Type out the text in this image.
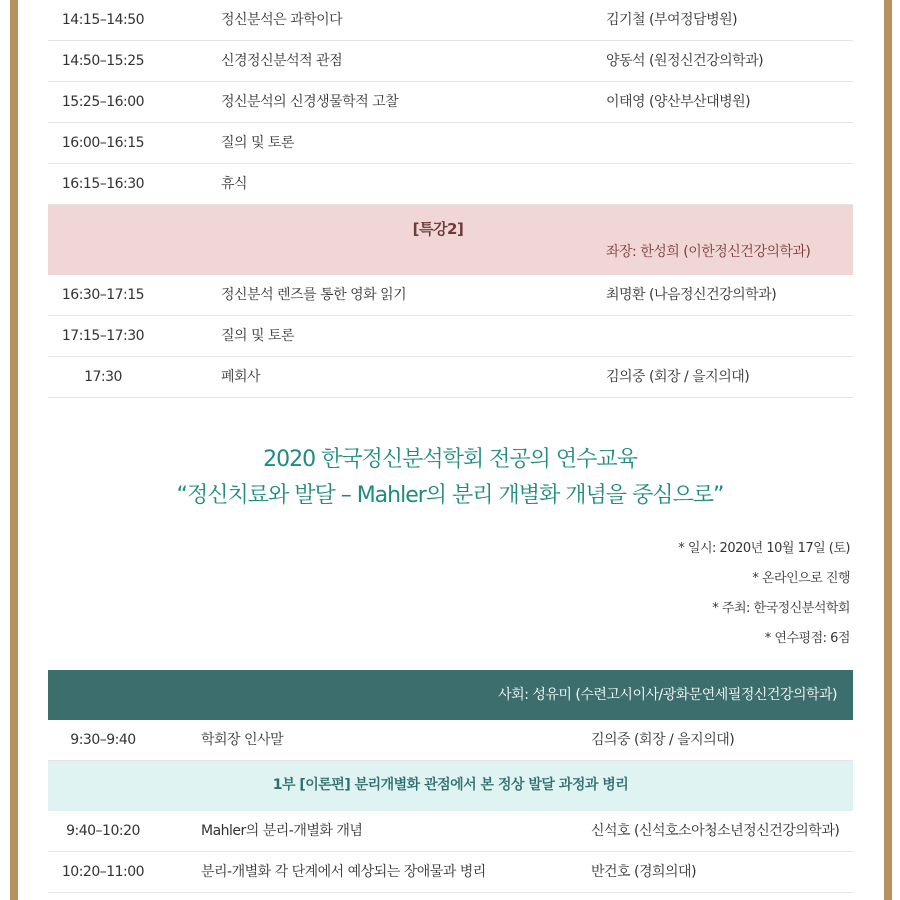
14:15–14:50	정신분석은 과학이다	김기철 (부여정담병원)
14:50–15:25	신경정신분석적 관점	양동석 (원정신건강의학과)
15:25–16:00	정신분석의 신경생물학적 고찰	이태영 (양산부산대병원)
16:00–16:15	질의 및 토론
16:15–16:30	휴식
[특강2]
좌장: 한성희 (이한정신건강의학과)
16:30–17:15	정신분석 렌즈를 통한 영화 읽기	최명환 (나음정신건강의학과)
17:15–17:30	질의 및 토론
17:30	폐회사	김의중 (회장 / 을지의대)
2020 한국정신분석학회 전공의 연수교육
“정신치료와 발달 – Mahler의 분리 개별화 개념을 중심으로”
* 일시: 2020년 10월 17일 (토)
* 온라인으로 진행
* 주최: 한국정신분석학회
* 연수평점: 6점
사회: 성유미 (수련고시이사/광화문연세필정신건강의학과)
9:30–9:40	학회장 인사말	김의중 (회장 / 을지의대)
1부 [이론편] 분리개별화 관점에서 본 정상 발달 과정과 병리
9:40–10:20	Mahler의 분리-개별화 개념	신석호 (신석호소아청소년정신건강의학과)
10:20–11:00	분리-개별화 각 단계에서 예상되는 장애물과 병리	반건호 (경희의대)
